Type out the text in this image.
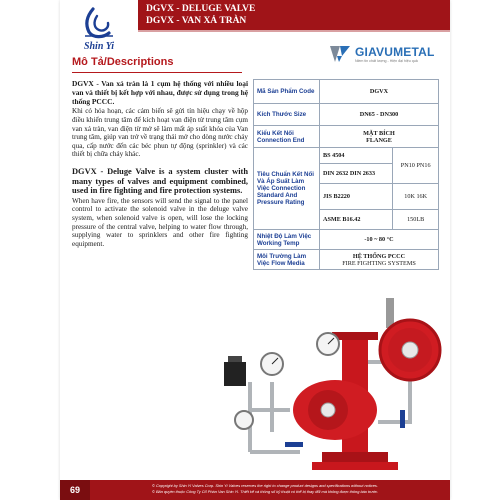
Shin Yi
DGVX - DELUGE VALVE
DGVX - VAN XẢ TRÀN
Mô Tả/Descriptions
GIAVUMETAL
Niềm tin chất lượng - Hiện đại hiệu quả

DGVX - Van xả tràn là 1 cụm hệ thống với nhiều loại van và thiết bị kết hợp với nhau, được sử dụng trong hệ thống PCCC.

Khi có hỏa hoạn, các cảm biến sẽ gửi tín hiệu chạy về hộp điều khiển trung tâm để kích hoạt van điện từ trung tâm cụm van xả tràn, van điện từ mở sẽ làm mất áp suất khóa của Van trung tâm, giúp van trở về trạng thái mở cho dòng nước chảy qua, cấp nước đến các béc phun tự động (sprinkler) và các thiết bị chữa cháy khác.

DGVX - Deluge Valve is a system cluster with many types of valves and equipment combined, used in fire fighting and fire protection systems.

When have fire, the sensors will send the signal to the panel control to activate the solenoid valve in the deluge valve system, when solenoid valve is open, will lose the locking pressure of the central valve, helping to water flow through, supplying water to sprinklers and other fire fighting equipment.

Mã Sản Phẩm Code	DGVX	
Kích Thước Size	DN65 - DN300	
Kiểu Kết Nối Connection End	MẶT BÍCH
FLANGE	

Tiêu Chuẩn Kết Nối Và Áp Suất Làm Việc Connection Standard And Pressure Rating	BS 4504	PN10 PN16
	DIN 2632 DIN 2633	
	JIS B2220	10K 16K
	ASME B16.42	150LB
Nhiệt Độ Làm Việc Working Temp	-10 ~ 80 °C	
Môi Trường Làm Việc Flow Media	HỆ THỐNG PCCC
FIRE FIGHTING SYSTEMS	
69	© Copyright by Shin Yi Valves Corp. Shin Yi Valves reserves the right to change product designs and specifications without notices.
© Bản quyền thuộc Công Ty Cổ Phần Van Shin Yi. Thiết kế và thông số kỹ thuật có thể bị thay đổi mà không được thông báo trước.
